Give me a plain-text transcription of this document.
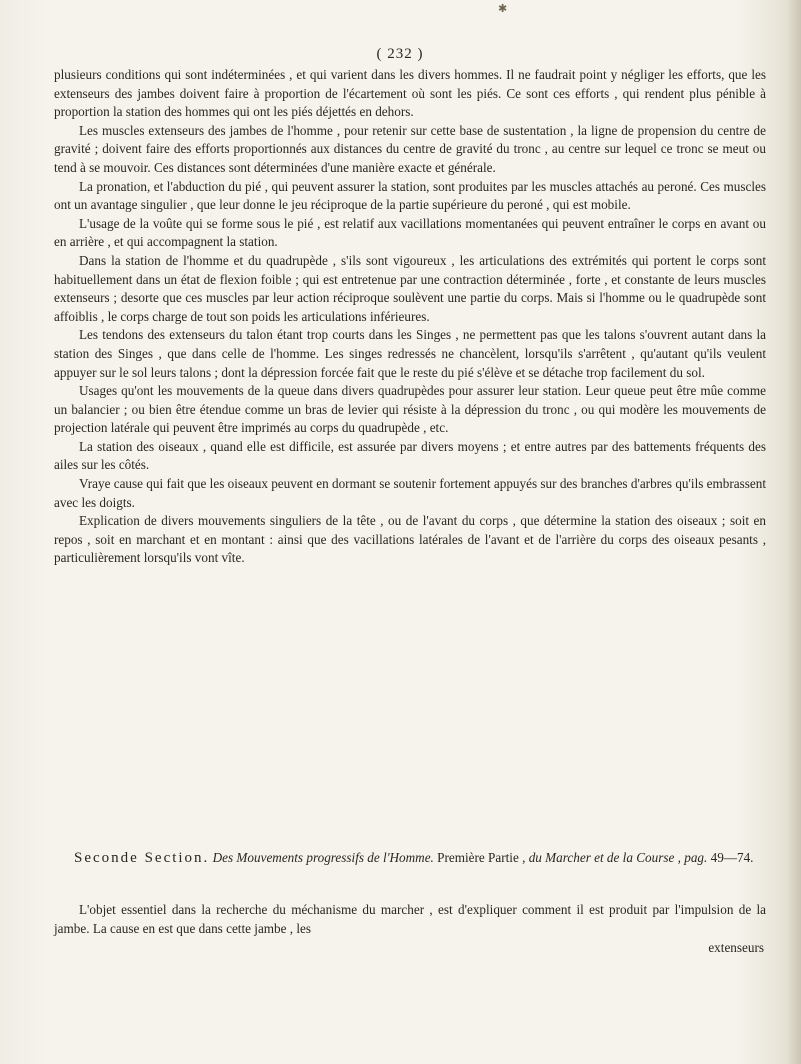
✱
( 232 )

plusieurs conditions qui sont indéterminées , et qui varient dans les divers hommes. Il ne faudrait point y négliger les efforts, que les extenseurs des jambes doivent faire à proportion de l'écartement où sont les piés. Ce sont ces efforts , qui rendent plus pénible à proportion la station des hommes qui ont les piés déjettés en dehors.

Les muscles extenseurs des jambes de l'homme , pour retenir sur cette base de sustentation , la ligne de propension du centre de gravité ; doivent faire des efforts proportionnés aux distances du centre de gravité du tronc , au centre sur lequel ce tronc se meut ou tend à se mouvoir. Ces distances sont déterminées d'une manière exacte et générale.

La pronation, et l'abduction du pié , qui peuvent assurer la station, sont produites par les muscles attachés au peroné. Ces muscles ont un avantage singulier , que leur donne le jeu réciproque de la partie supérieure du peroné , qui est mobile.

L'usage de la voûte qui se forme sous le pié , est relatif aux vacillations momentanées qui peuvent entraîner le corps en avant ou en arrière , et qui accompagnent la station.

Dans la station de l'homme et du quadrupède , s'ils sont vigoureux , les articulations des extrémités qui portent le corps sont habituellement dans un état de flexion foible ; qui est entretenue par une contraction déterminée , forte , et constante de leurs muscles extenseurs ; desorte que ces muscles par leur action réciproque soulèvent une partie du corps. Mais si l'homme ou le quadrupède sont affoiblis , le corps charge de tout son poids les articulations inférieures.

Les tendons des extenseurs du talon étant trop courts dans les Singes , ne permettent pas que les talons s'ouvrent autant dans la station des Singes , que dans celle de l'homme. Les singes redressés ne chancèlent, lorsqu'ils s'arrêtent , qu'autant qu'ils veulent appuyer sur le sol leurs talons ; dont la dépression forcée fait que le reste du pié s'élève et se détache trop facilement du sol.

Usages qu'ont les mouvements de la queue dans divers quadrupèdes pour assurer leur station. Leur queue peut être mûe comme un balancier ; ou bien être étendue comme un bras de levier qui résiste à la dépression du tronc , ou qui modère les mouvements de projection latérale qui peuvent être imprimés au corps du quadrupède , etc.

La station des oiseaux , quand elle est difficile, est assurée par divers moyens ; et entre autres par des battements fréquents des ailes sur les côtés.

Vraye cause qui fait que les oiseaux peuvent en dormant se soutenir fortement appuyés sur des branches d'arbres qu'ils embrassent avec les doigts.

Explication de divers mouvements singuliers de la tête , ou de l'avant du corps , que détermine la station des oiseaux ; soit en repos , soit en marchant et en montant : ainsi que des vacillations latérales de l'avant et de l'arrière du corps des oiseaux pesants , particulièrement lorsqu'ils vont vîte.

Seconde Section. Des Mouvements progressifs de l'Homme. Première Partie , du Marcher et de la Course , pag. 49—74.

L'objet essentiel dans la recherche du méchanisme du marcher , est d'expliquer comment il est produit par l'impulsion de la jambe. La cause en est que dans cette jambe , les

extenseurs
